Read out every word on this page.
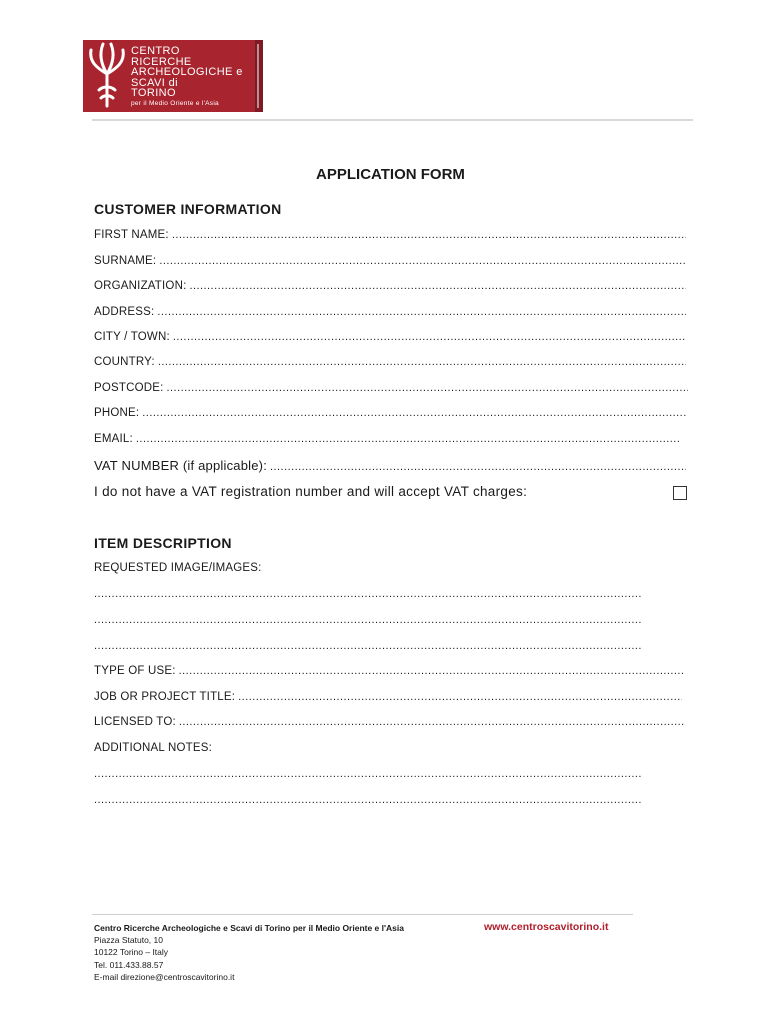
CENTRO
RICERCHE
ARCHEOLOGICHE e
SCAVI di
TORINO
per il Medio Oriente e l'Asia
APPLICATION FORM
CUSTOMER INFORMATION
FIRST NAME:
. . .
SURNAME:
. . .
ORGANIZATION:
. . .
ADDRESS:
. . .
CITY / TOWN:
. . .
COUNTRY:
. . .
POSTCODE:
. . .
PHONE:
. . .
EMAIL:
. . .
VAT NUMBER (if applicable):
. . .
I do not have a VAT registration number and will accept VAT charges:
ITEM DESCRIPTION
REQUESTED IMAGE/IMAGES:
. . .
. . .
. . .
TYPE OF USE:
. . .
JOB OR PROJECT TITLE:
. . .
LICENSED TO:
. . .
ADDITIONAL NOTES:
. . .
. . .
Centro Ricerche Archeologiche e Scavi di Torino per il Medio Oriente e l'Asia
Piazza Statuto, 10
10122 Torino – Italy
Tel. 011.433.88.57
E-mail direzione@centroscavitorino.it
www.centroscavitorino.it
